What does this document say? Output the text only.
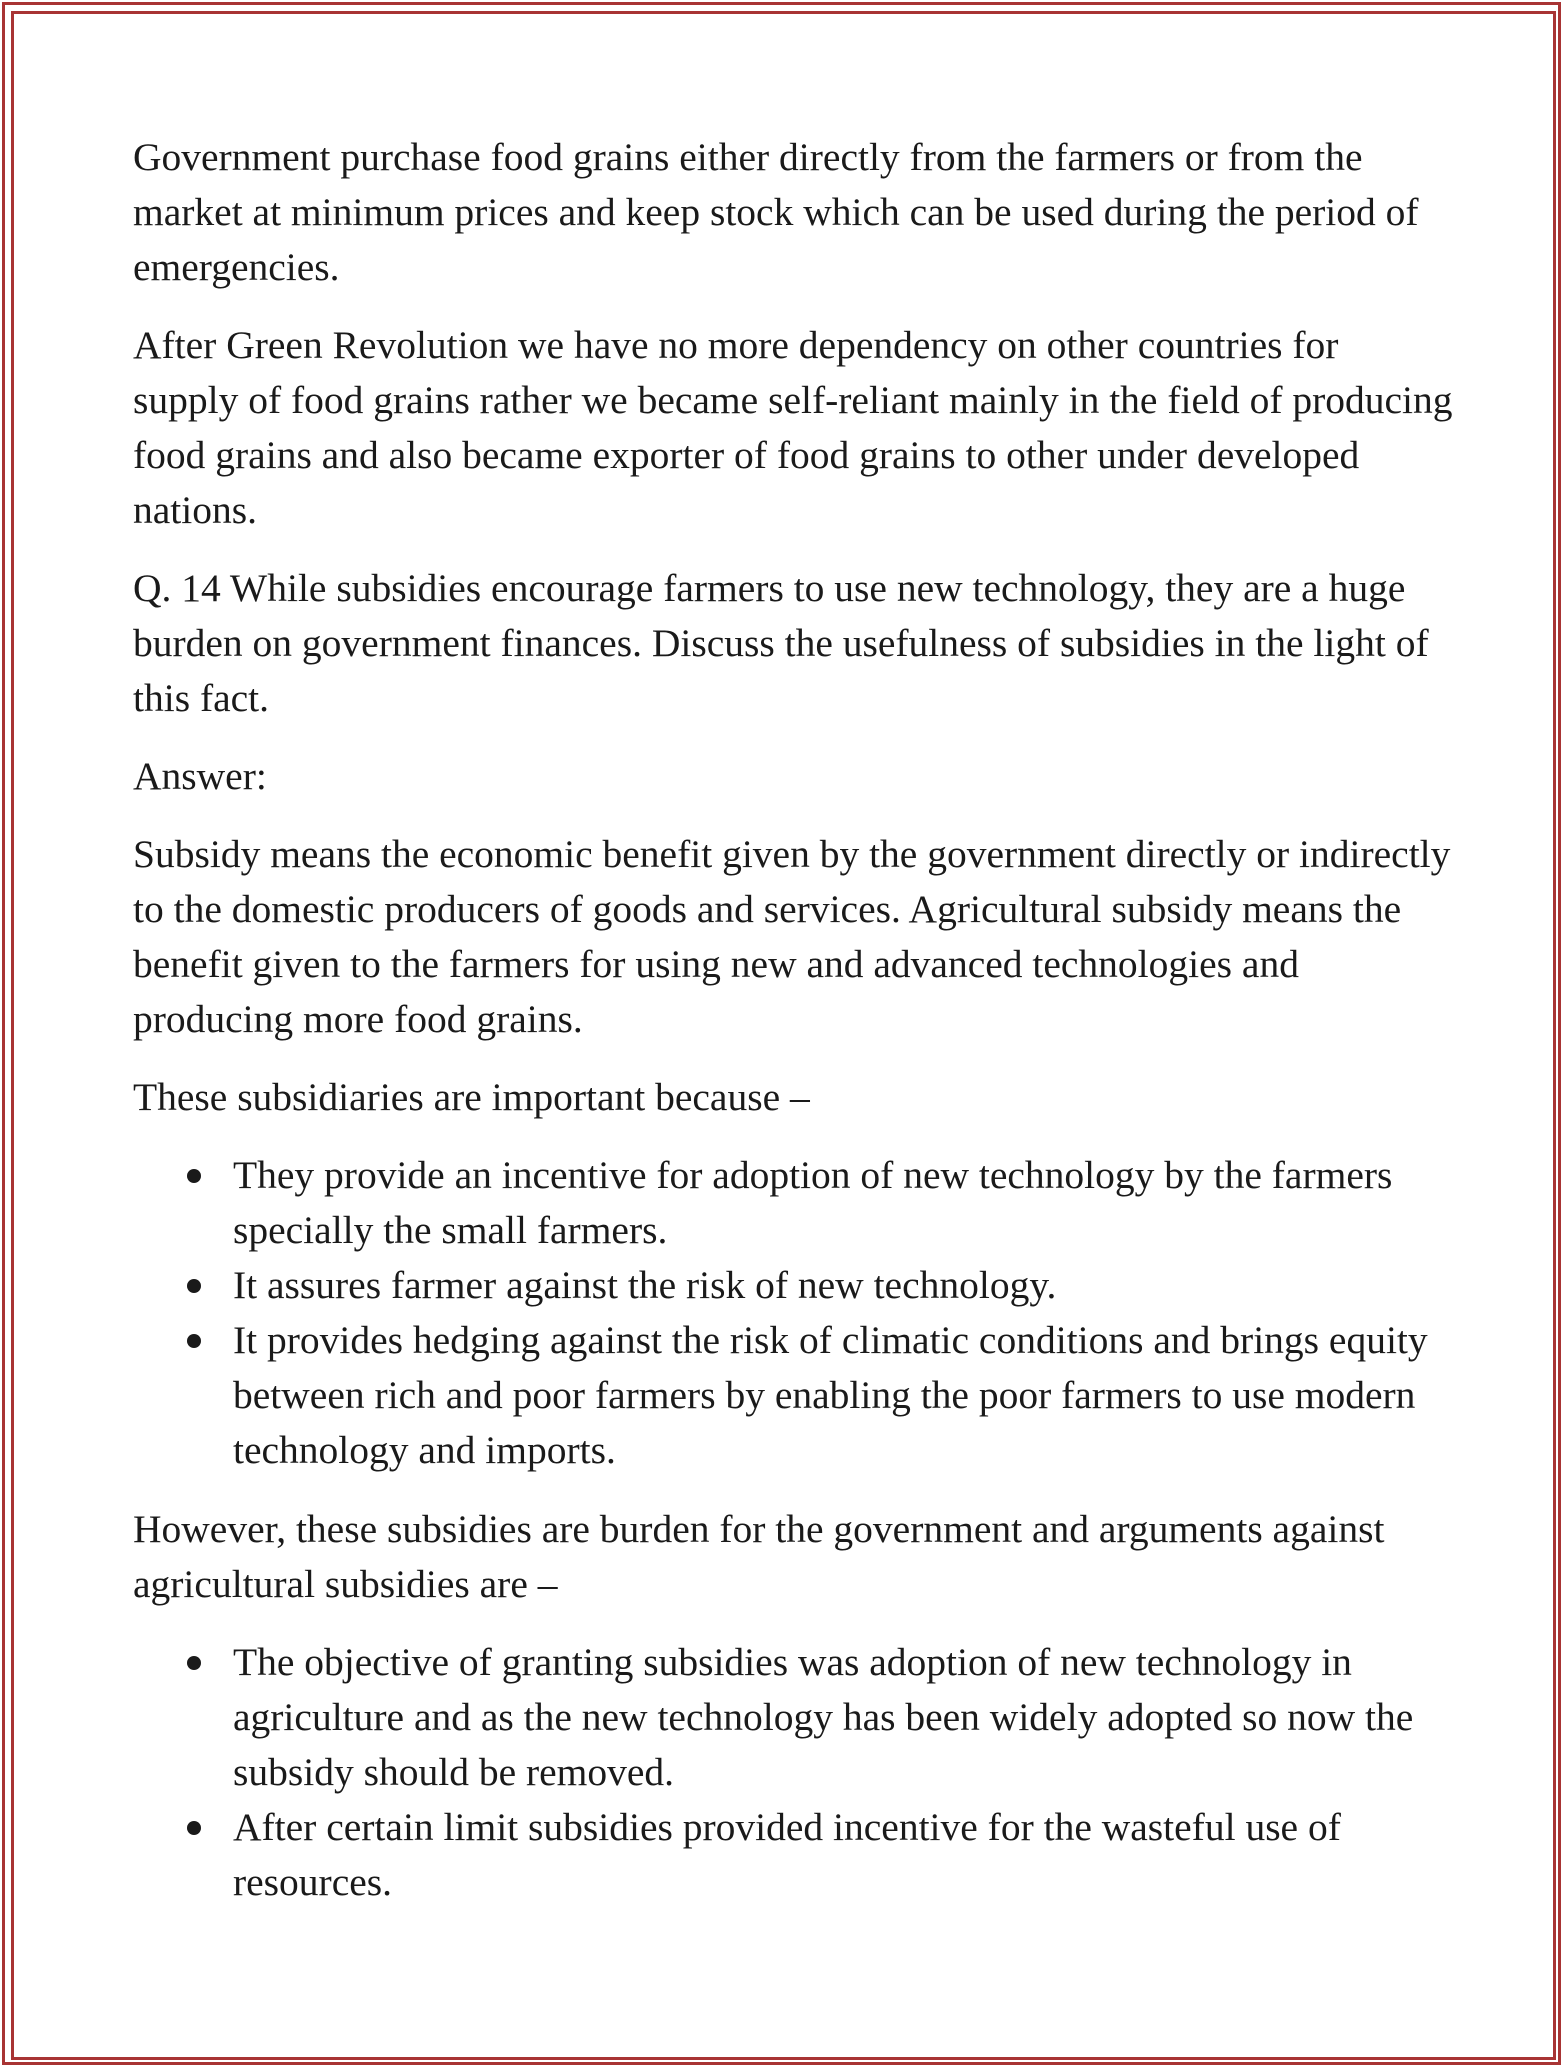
Government purchase food grains either directly from the farmers or from the market at minimum prices and keep stock which can be used during the period of emergencies.

After Green Revolution we have no more dependency on other countries for supply of food grains rather we became self-reliant mainly in the field of producing food grains and also became exporter of food grains to other under developed nations.

Q. 14 While subsidies encourage farmers to use new technology, they are a huge burden on government finances. Discuss the usefulness of subsidies in the light of this fact.

Answer:

Subsidy means the economic benefit given by the government directly or indirectly to the domestic producers of goods and services. Agricultural subsidy means the benefit given to the farmers for using new and advanced technologies and producing more food grains.

These subsidiaries are important because –

They provide an incentive for adoption of new technology by the farmers specially the small farmers.
It assures farmer against the risk of new technology.
It provides hedging against the risk of climatic conditions and brings equity between rich and poor farmers by enabling the poor farmers to use modern technology and imports.

However, these subsidies are burden for the government and arguments against agricultural subsidies are –

The objective of granting subsidies was adoption of new technology in agriculture and as the new technology has been widely adopted so now the subsidy should be removed.
After certain limit subsidies provided incentive for the wasteful use of resources.
